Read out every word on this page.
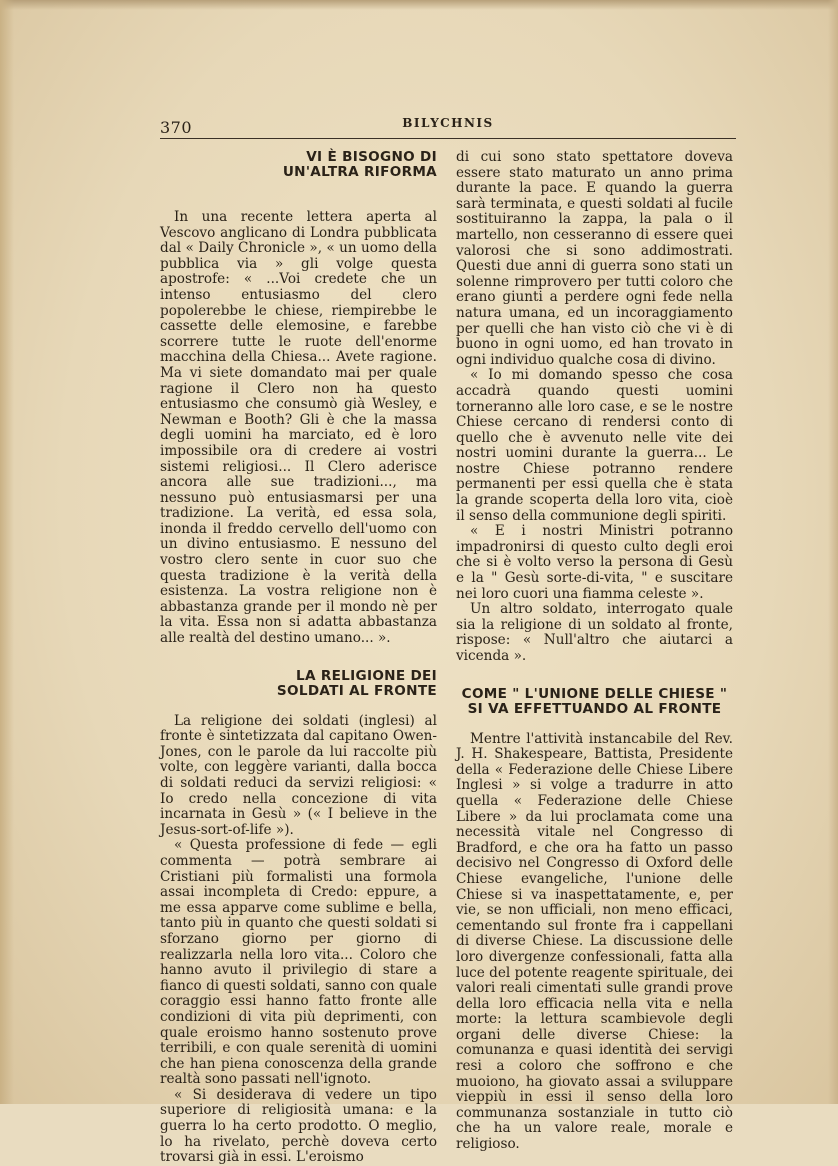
370	BILYCHNIS
VI È BISOGNO DI
UN'ALTRA RIFORMA

In una recente lettera aperta al Vescovo anglicano di Londra pubblicata dal « Daily Chronicle », « un uomo della pubblica via » gli volge questa apostrofe: « ...Voi credete che un intenso entusiasmo del clero popolerebbe le chiese, riempirebbe le cassette delle elemosine, e farebbe scorrere tutte le ruote dell'enorme macchina della Chiesa... Avete ragione. Ma vi siete domandato mai per quale ragione il Clero non ha questo entusiasmo che consumò già Wesley, e Newman e Booth? Gli è che la massa degli uomini ha marciato, ed è loro impossibile ora di credere ai vostri sistemi religiosi... Il Clero aderisce ancora alle sue tradizioni..., ma nessuno può entusiasmarsi per una tradizione. La verità, ed essa sola, inonda il freddo cervello dell'uomo con un divino entusiasmo. E nessuno del vostro clero sente in cuor suo che questa tradizione è la verità della esistenza. La vostra religione non è abbastanza grande per il mondo nè per la vita. Essa non si adatta abbastanza alle realtà del destino umano... ».

LA RELIGIONE DEI
SOLDATI AL FRONTE

La religione dei soldati (inglesi) al fronte è sintetizzata dal capitano Owen-Jones, con le parole da lui raccolte più volte, con leggère varianti, dalla bocca di soldati reduci da servizi religiosi: « Io credo nella concezione di vita incarnata in Gesù » (« I believe in the Jesus-sort-of-life »).

« Questa professione di fede — egli commenta — potrà sembrare ai Cristiani più formalisti una formola assai incompleta di Credo: eppure, a me essa apparve come sublime e bella, tanto più in quanto che questi soldati si sforzano giorno per giorno di realizzarla nella loro vita... Coloro che hanno avuto il privilegio di stare a fianco di questi soldati, sanno con quale coraggio essi hanno fatto fronte alle condizioni di vita più deprimenti, con quale eroismo hanno sostenuto prove terribili, e con quale serenità di uomini che han piena conoscenza della grande realtà sono passati nell'ignoto.

« Si desiderava di vedere un tipo superiore di religiosità umana: e la guerra lo ha certo prodotto. O meglio, lo ha rivelato, perchè doveva certo trovarsi già in essi. L'eroismo

di cui sono stato spettatore doveva essere stato maturato un anno prima durante la pace. E quando la guerra sarà terminata, e questi soldati al fucile sostituiranno la zappa, la pala o il martello, non cesseranno di essere quei valorosi che si sono addimostrati. Questi due anni di guerra sono stati un solenne rimprovero per tutti coloro che erano giunti a perdere ogni fede nella natura umana, ed un incoraggiamento per quelli che han visto ciò che vi è di buono in ogni uomo, ed han trovato in ogni individuo qualche cosa di divino.

« Io mi domando spesso che cosa accadrà quando questi uomini torneranno alle loro case, e se le nostre Chiese cercano di rendersi conto di quello che è avvenuto nelle vite dei nostri uomini durante la guerra... Le nostre Chiese potranno rendere permanenti per essi quella che è stata la grande scoperta della loro vita, cioè il senso della communione degli spiriti.

« E i nostri Ministri potranno impadronirsi di questo culto degli eroi che si è volto verso la persona di Gesù e la " Gesù sorte-di-vita, " e suscitare nei loro cuori una fiamma celeste ».

Un altro soldato, interrogato quale sia la religione di un soldato al fronte, risposе: « Null'altro che aiutarci a vicenda ».

COME " L'UNIONE DELLE CHIESE "
SI VA EFFETTUANDO AL FRONTE

Mentre l'attività instancabile del Rev. J. H. Shakespeare, Battista, Presidente della « Federazione delle Chiese Libere Inglesi » si volge a tradurre in atto quella « Federazione delle Chiese Libere » da lui proclamata come una necessità vitale nel Congresso di Bradford, e che ora ha fatto un passo decisivo nel Congresso di Oxford delle Chiese evangeliche, l'unione delle Chiese si va inaspettatamente, e, per vie, se non ufficiali, non meno efficaci, cementando sul fronte fra i cappellani di diverse Chiese. La discussione delle loro divergenze confessionali, fatta alla luce del potente reagente spirituale, dei valori reali cimentati sulle grandi prove della loro efficacia nella vita e nella morte: la lettura scambievole degli organi delle diverse Chiese: la comunanza e quasi identità dei servigi resi a coloro che soffrono e che muoiono, ha giovato assai a sviluppare vieppiù in essi il senso della loro communanza sostanziale in tutto ciò che ha un valore reale, morale e religioso.
